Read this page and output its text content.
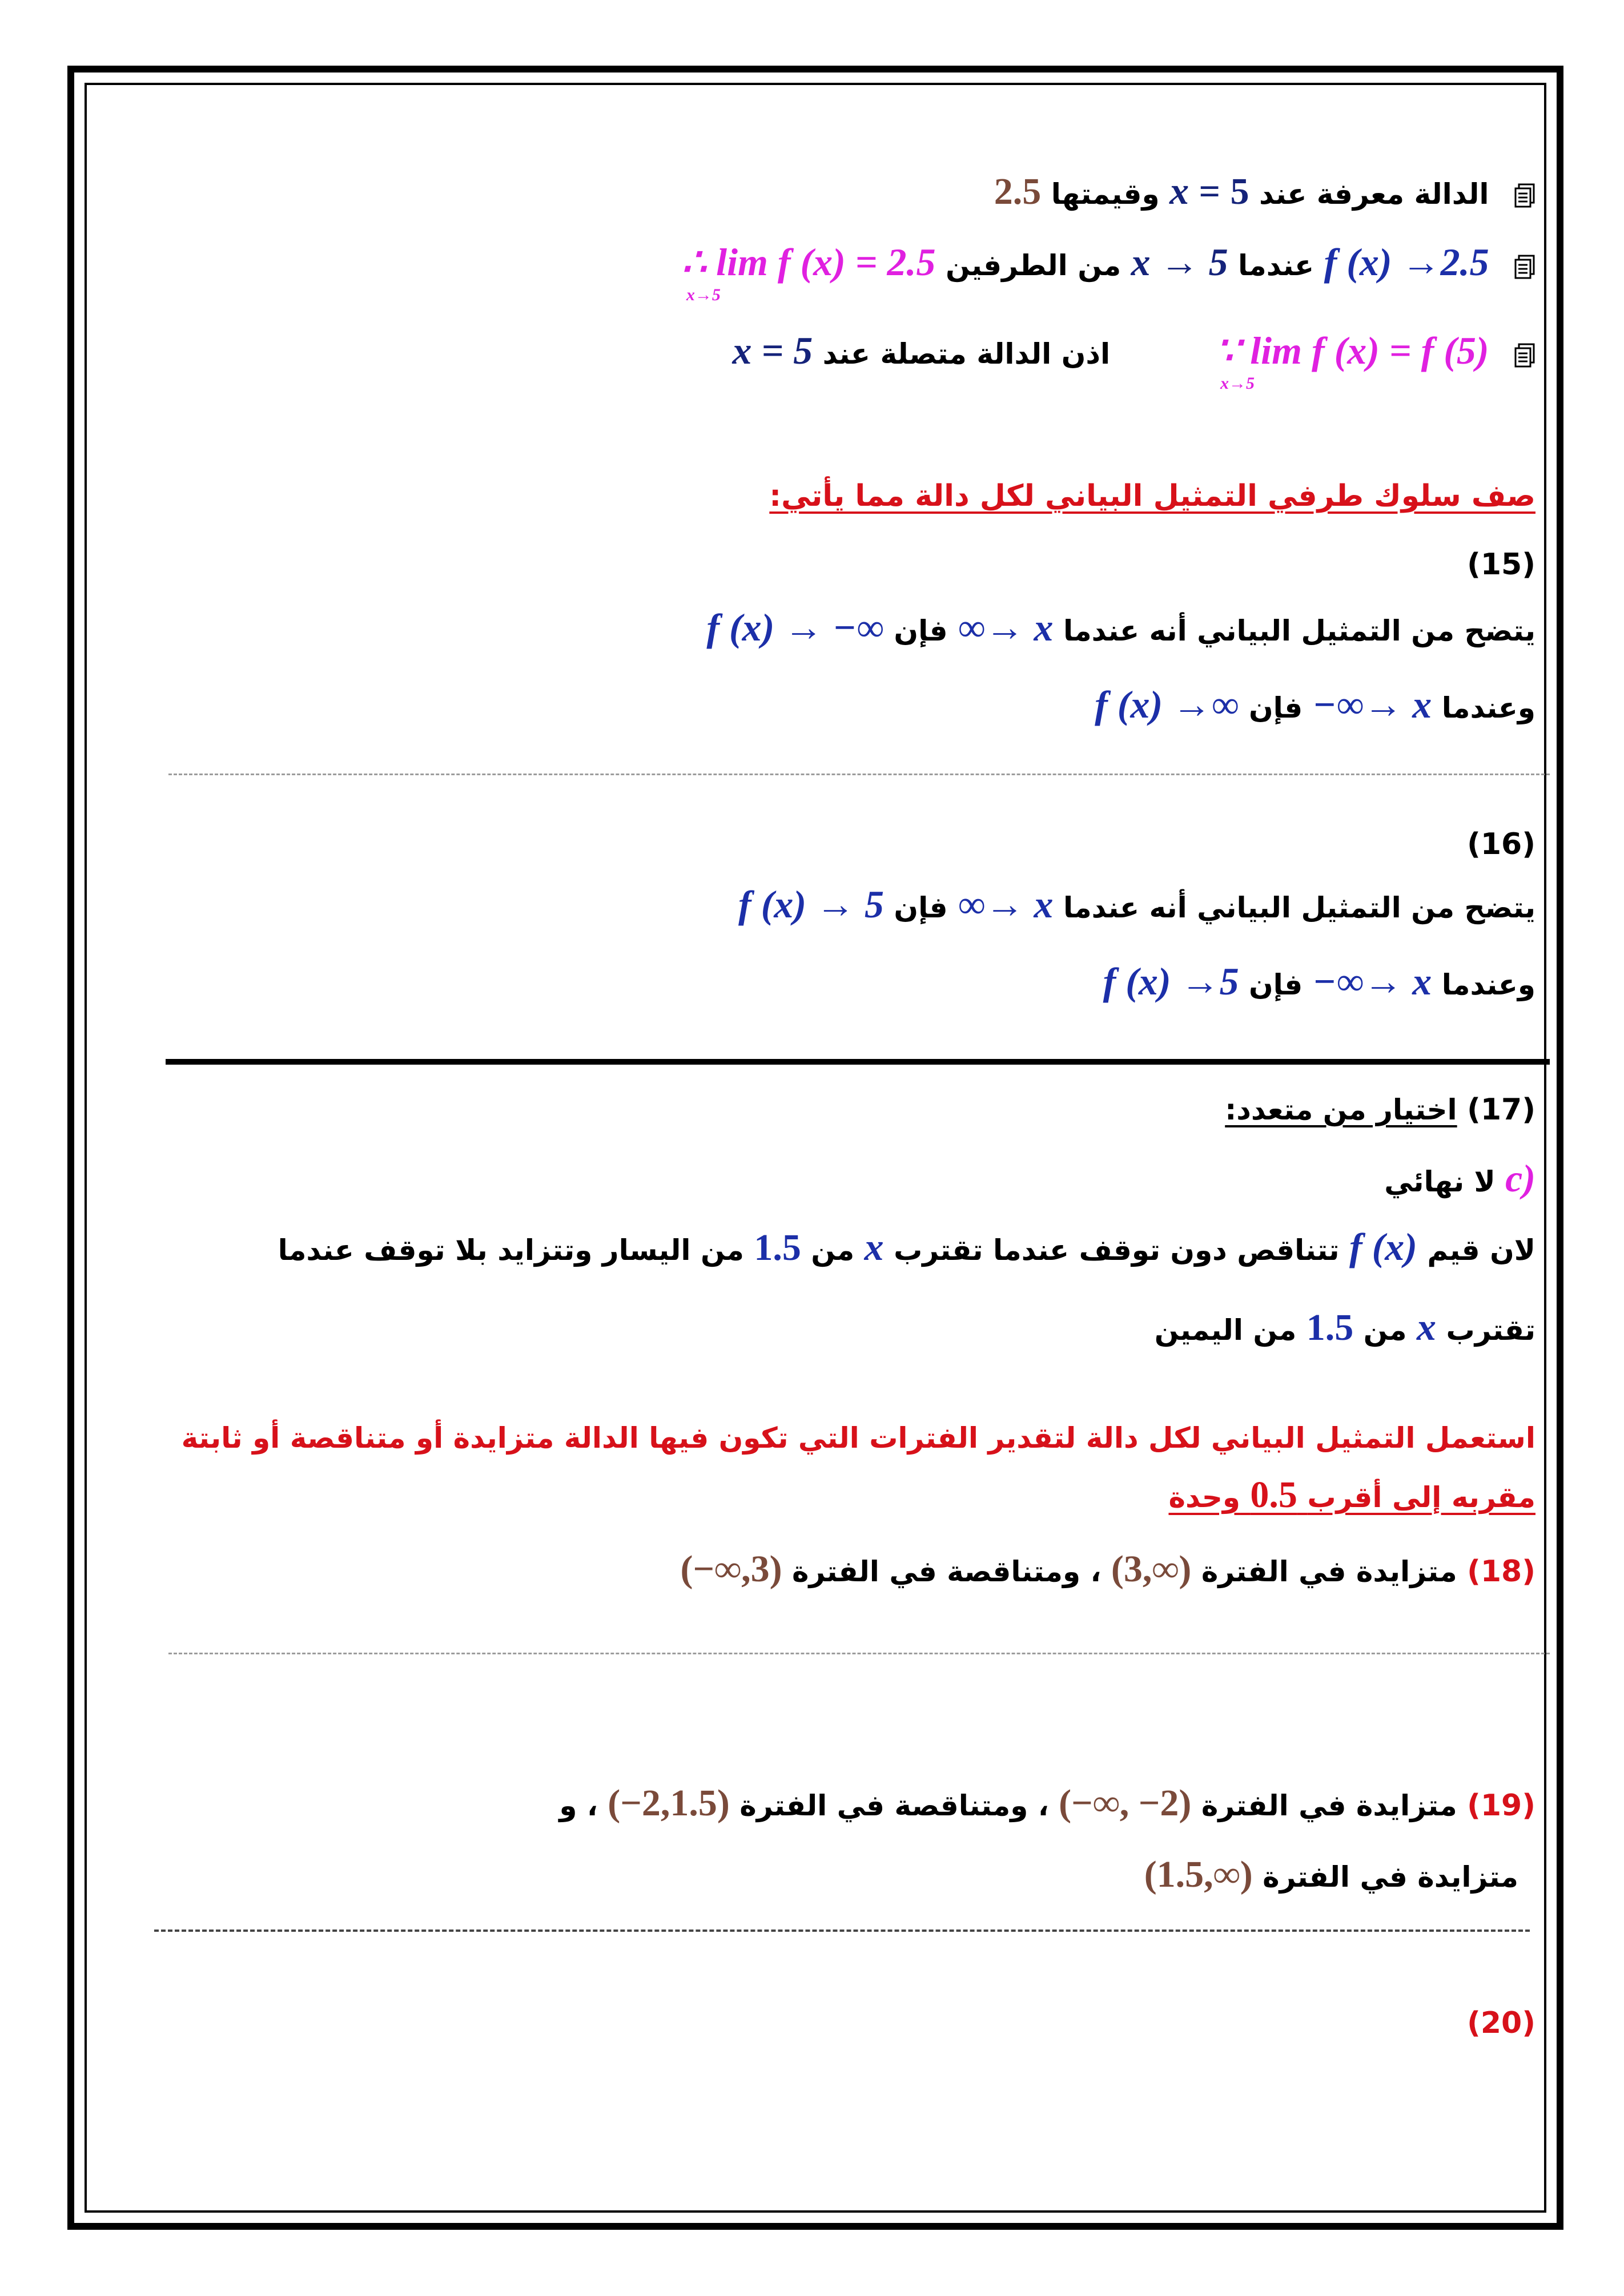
الدالة معرفة عند 5 = x وقيمتها 2.5
f (x) →2.5 عندما x → 5 من الطرفين ∴ lim f (x) = 2.5
x→5
∵ lim f (x) = f (5)
x→5
اذن الدالة متصلة عند x = 5
صف سلوك طرفي التمثيل البياني لكل دالة مما يأتي:
(15)
يتضح من التمثيل البياني أنه عندما ∞→ x فإن f (x) → −∞
وعندما −∞→ x فإن f (x) →∞
(16)
يتضح من التمثيل البياني أنه عندما ∞→ x فإن f (x) → 5
وعندما −∞→ x فإن f (x) →5
(17) اختيار من متعدد:
c) لا نهائي
لان قيم f (x) تتناقص دون توقف عندما تقترب x من 1.5 من اليسار وتتزايد بلا توقف عندما
تقترب x من 1.5 من اليمين
استعمل التمثيل البياني لكل دالة لتقدير الفترات التي تكون فيها الدالة متزايدة أو متناقصة أو ثابتة
مقربه إلى أقرب 0.5 وحدة
(18) متزايدة في الفترة (3,∞) ، ومتناقصة في الفترة (−∞,3)
(19) متزايدة في الفترة (−∞, −2) ، ومتناقصة في الفترة (−2,1.5) ، و
متزايدة في الفترة (1.5,∞)
(20)
